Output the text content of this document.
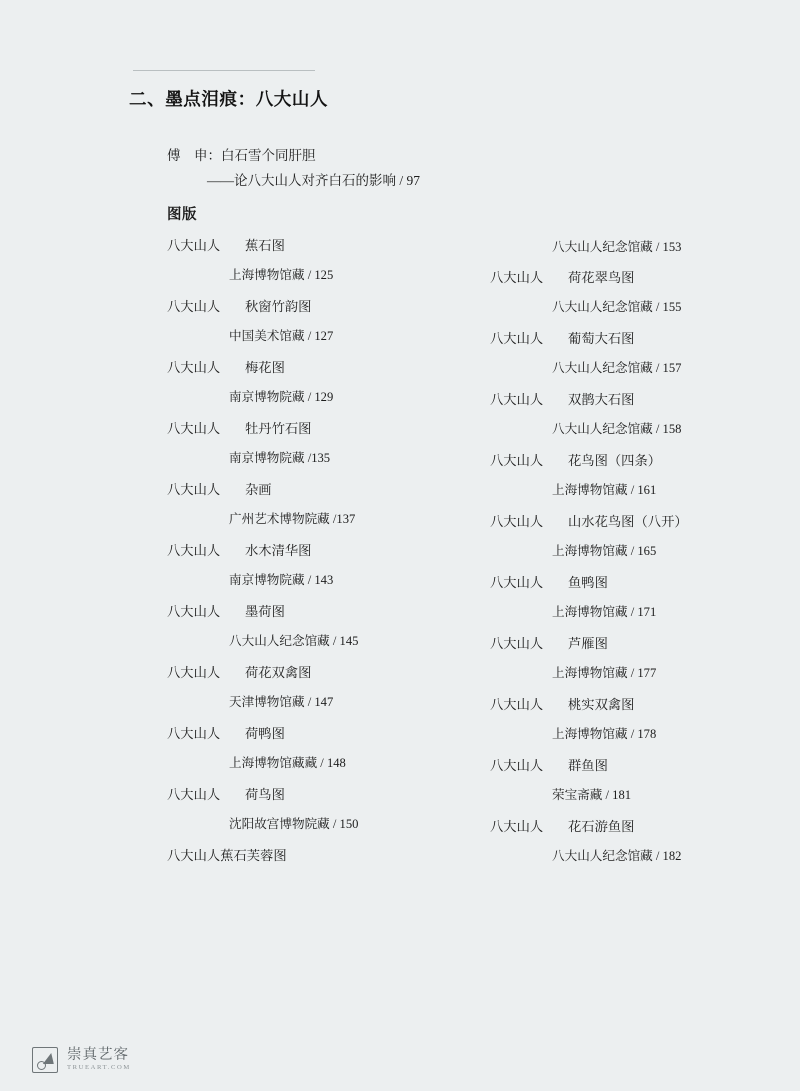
二、墨点泪痕：八大山人
傅　申：白石雪个同肝胆
——论八大山人对齐白石的影响 / 97
图版
八大山人 蕉石图
上海博物馆藏 / 125
八大山人 秋窗竹韵图
中国美术馆藏 / 127
八大山人 梅花图
南京博物院藏 / 129
八大山人 牡丹竹石图
南京博物院藏 /135
八大山人 杂画
广州艺术博物院藏 /137
八大山人 水木清华图
南京博物院藏 / 143
八大山人 墨荷图
八大山人纪念馆藏 / 145
八大山人 荷花双禽图
天津博物馆藏 / 147
八大山人 荷鸭图
上海博物馆藏藏 / 148
八大山人 荷鸟图
沈阳故宫博物院藏 / 150
八大山人蕉石芙蓉图
八大山人纪念馆藏 / 153
八大山人 荷花翠鸟图
八大山人纪念馆藏 / 155
八大山人 葡萄大石图
八大山人纪念馆藏 / 157
八大山人 双鹊大石图
八大山人纪念馆藏 / 158
八大山人 花鸟图（四条）
上海博物馆藏 / 161
八大山人 山水花鸟图（八开）
上海博物馆藏 / 165
八大山人 鱼鸭图
上海博物馆藏 / 171
八大山人 芦雁图
上海博物馆藏 / 177
八大山人 桃实双禽图
上海博物馆藏 / 178
八大山人 群鱼图
荣宝斋藏 / 181
八大山人 花石游鱼图
八大山人纪念馆藏 / 182
崇真艺客
TRUEART.COM
